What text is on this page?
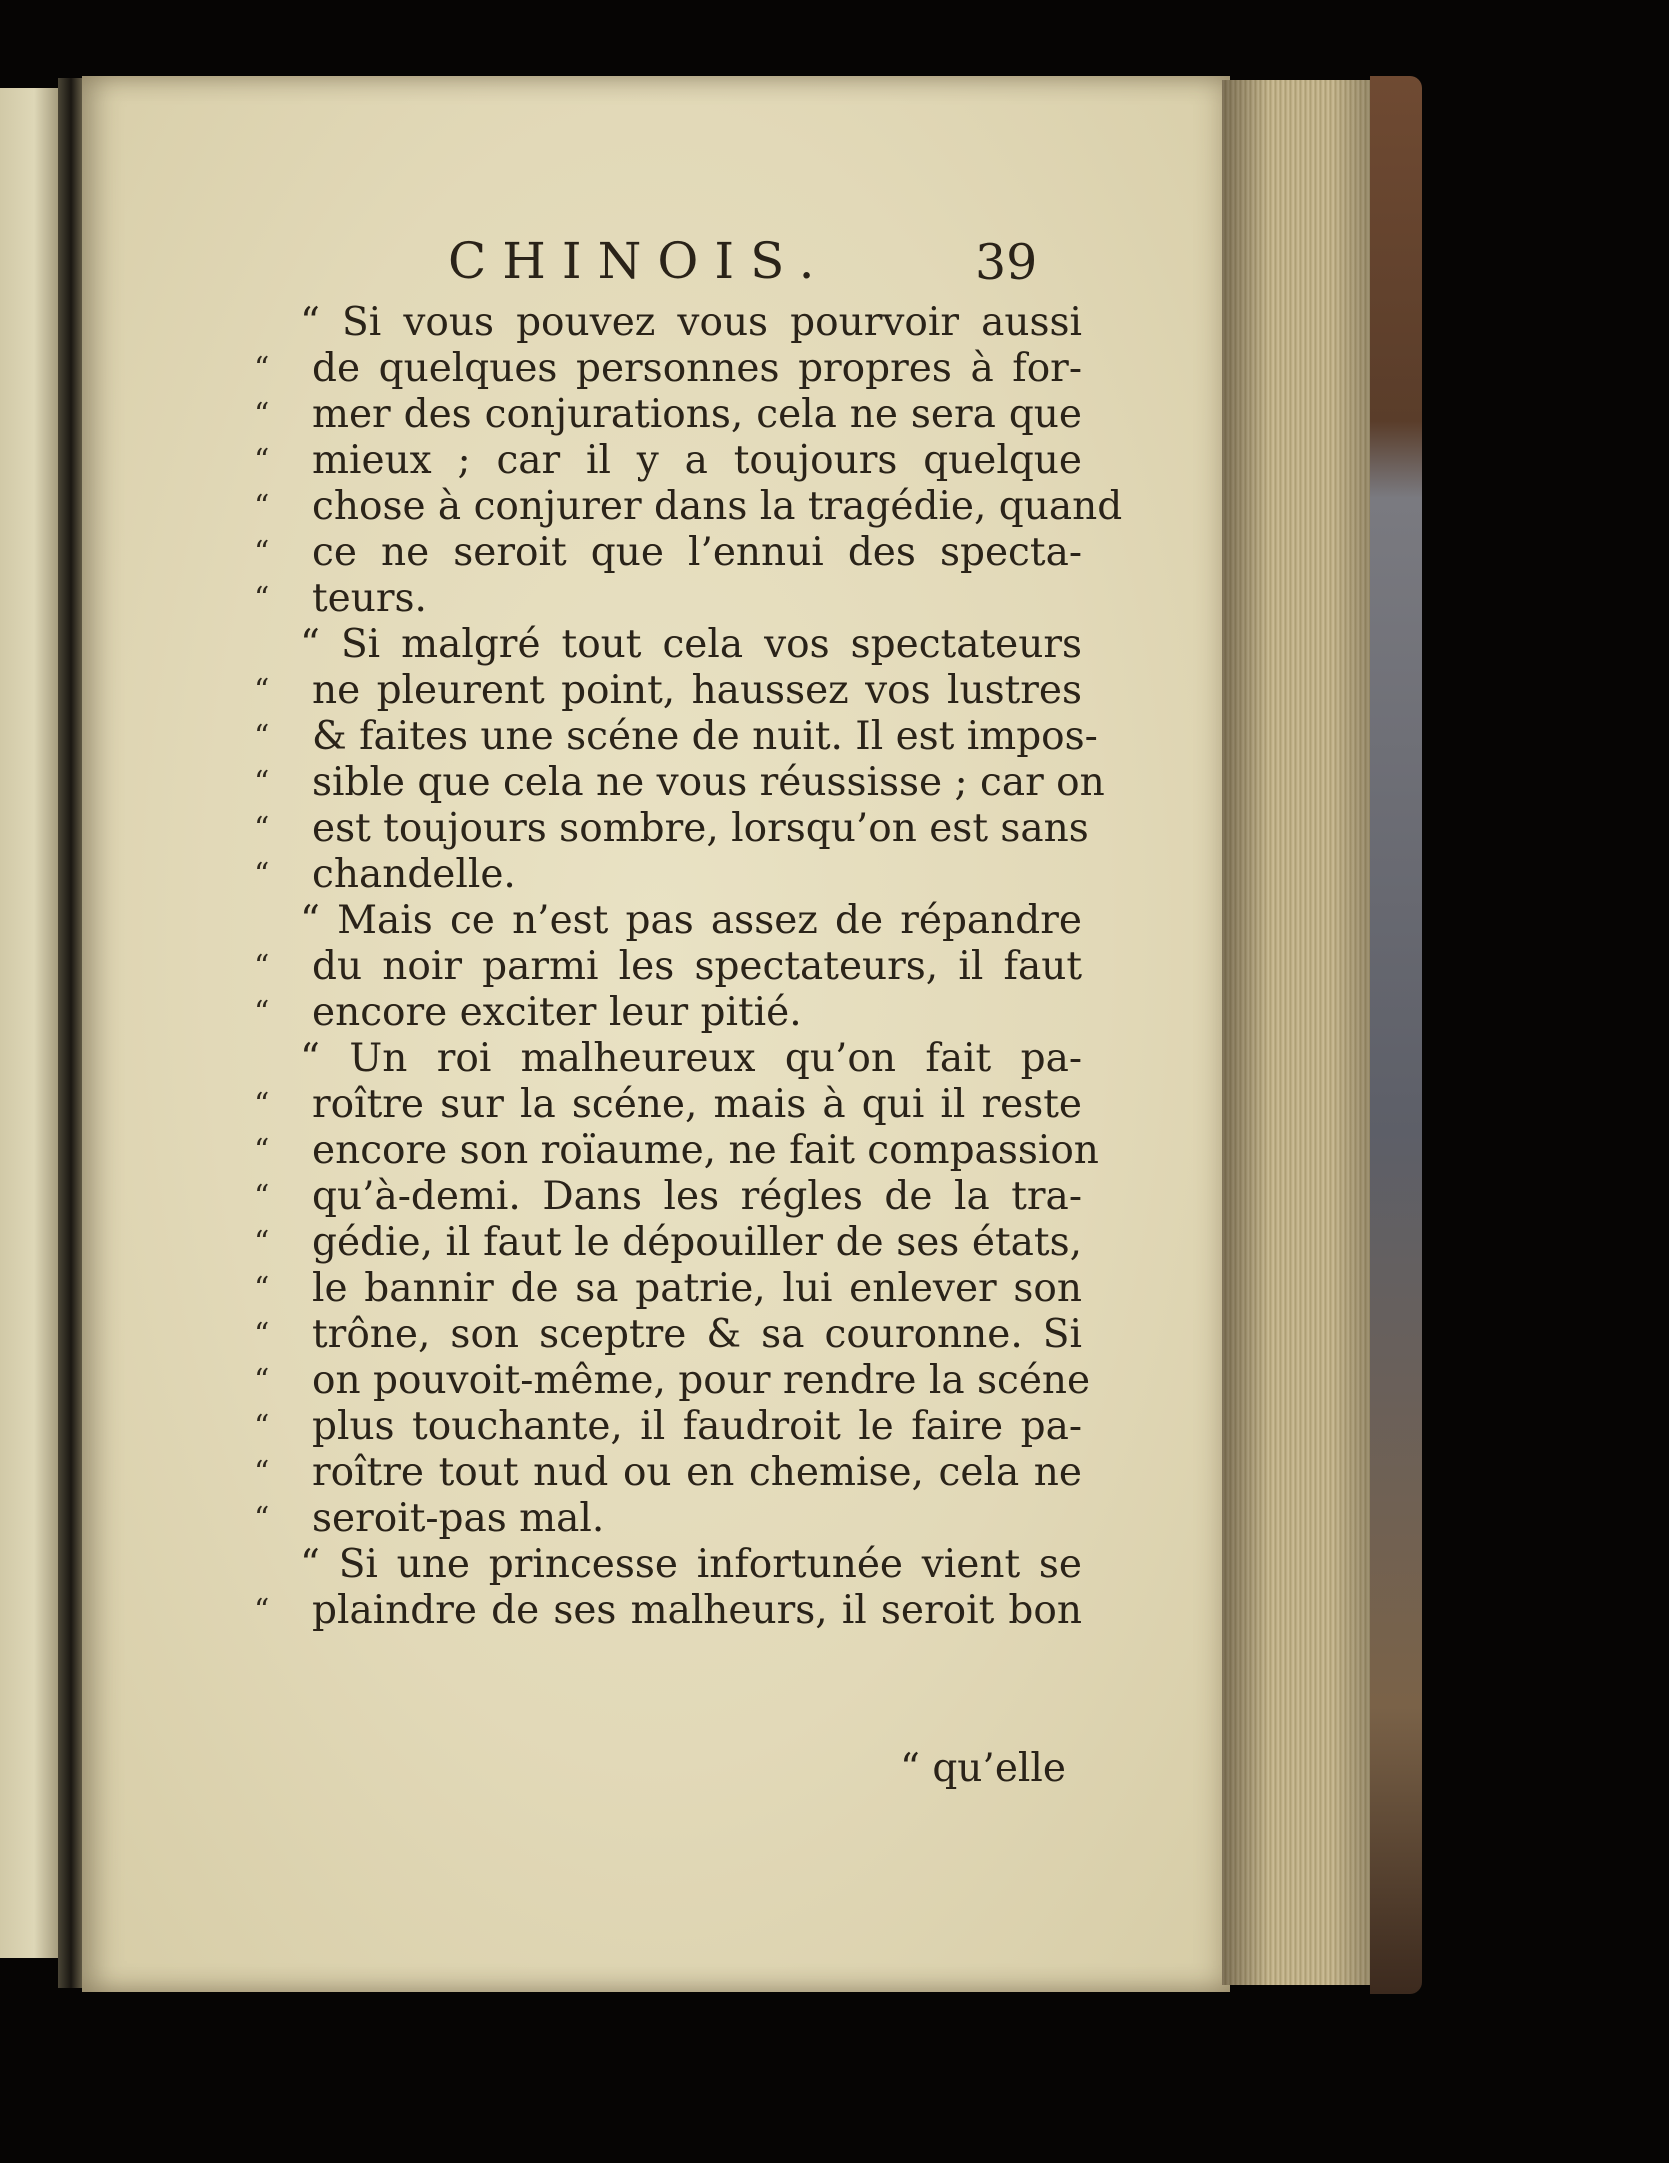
CHINOIS.	39
“ Si vous pouvez vous pourvoir aussi
de quelques personnes propres à for-
mer des conjurations, cela ne sera que
mieux ; car il y a toujours quelque
chose à conjurer dans la tragédie, quand
ce ne seroit que l’ennui des specta-
teurs.
“ Si malgré tout cela vos spectateurs
ne pleurent point, haussez vos lustres
& faites une scéne de nuit. Il est impos-
sible que cela ne vous réussisse ; car on
est toujours sombre, lorsqu’on est sans
chandelle.
“ Mais ce n’est pas assez de répandre
du noir parmi les spectateurs, il faut
encore exciter leur pitié.
“ Un roi malheureux qu’on fait pa-
roître sur la scéne, mais à qui il reste
encore son roïaume, ne fait compassion
qu’à-demi. Dans les régles de la tra-
gédie, il faut le dépouiller de ses états,
le bannir de sa patrie, lui enlever son
trône, son sceptre & sa couronne. Si
on pouvoit-même, pour rendre la scéne
plus touchante, il faudroit le faire pa-
roître tout nud ou en chemise, cela ne
seroit-pas mal.
“ Si une princesse infortunée vient se
plaindre de ses malheurs, il seroit bon
“
“
“
“
“
“
“
“
“
“
“
“
“
“
“
“
“
“
“
“
“
“
“
“
“ qu’elle
